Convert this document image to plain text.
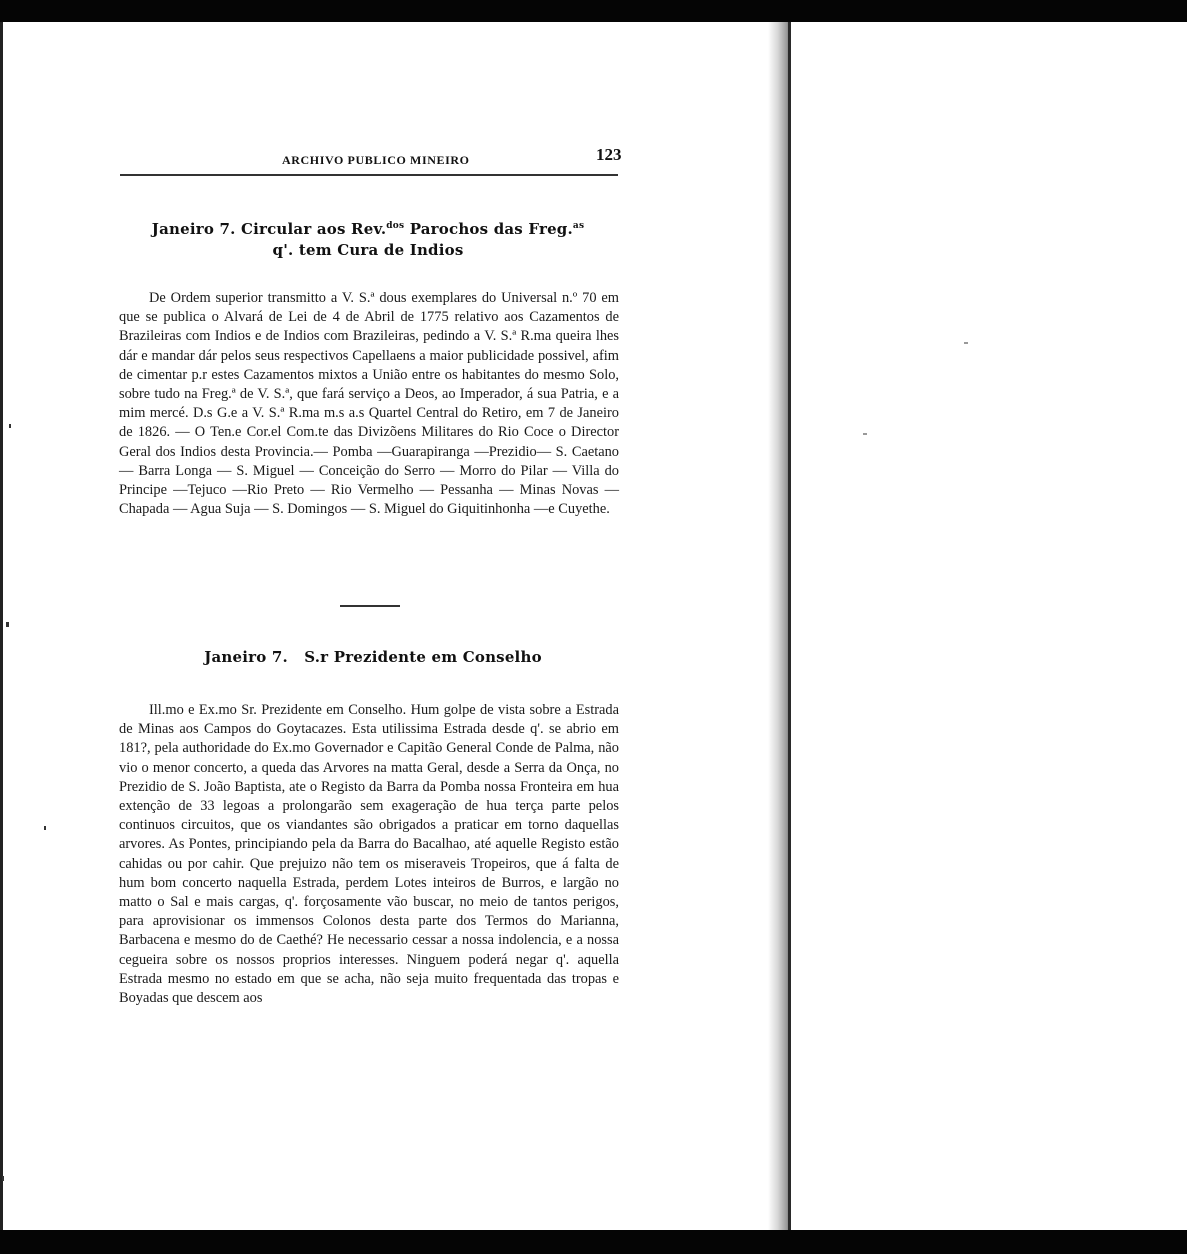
ARCHIVO PUBLICO MINEIRO	123
Janeiro 7. Circular aos Rev.$^{dos}$ Parochos das Freg.$^{as}$
q'. tem Cura de Indios

De Ordem superior transmitto a V. S.ª dous exemplares do Universal n.º 70 em que se publica o Alvará de Lei de 4 de Abril de 1775 relativo aos Cazamentos de Brazileiras com Indios e de Indios com Brazileiras, pedindo a V. S.ª R.ma queira lhes dár e mandar dár pelos seus respectivos Capellaens a maior publicidade possivel, afim de cimentar p.r estes Cazamentos mixtos a União entre os habitantes do mesmo Solo, sobre tudo na Freg.ª de V. S.ª, que fará serviço a Deos, ao Imperador, á sua Patria, e a mim mercé. D.s G.e a V. S.ª R.ma m.s a.s Quartel Central do Retiro, em 7 de Janeiro de 1826. — O Ten.e Cor.el Com.te das Divizõens Militares do Rio Coce o Director Geral dos Indios desta Provincia.— Pomba —Guarapiranga —Prezidio— S. Caetano — Barra Longa — S. Miguel — Conceição do Serro — Morro do Pilar — Villa do Principe —Tejuco —Rio Preto — Rio Vermelho — Pessanha — Minas Novas — Chapada — Agua Suja — S. Domingos — S. Miguel do Giquitinhonha —e Cuyethe.

Janeiro 7. S.r Prezidente em Conselho

Ill.mo e Ex.mo Sr. Prezidente em Conselho. Hum golpe de vista sobre a Estrada de Minas aos Campos do Goytacazes. Esta utilissima Estrada desde q'. se abrio em 181?, pela authoridade do Ex.mo Governador e Capitão General Conde de Palma, não vio o menor concerto, a queda das Arvores na matta Geral, desde a Serra da Onça, no Prezidio de S. João Baptista, ate o Registo da Barra da Pomba nossa Fronteira em hua extenção de 33 legoas a prolongarão sem exageração de hua terça parte pelos continuos circuitos, que os viandantes são obrigados a praticar em torno daquellas arvores. As Pontes, principiando pela da Barra do Bacalhao, até aquelle Registo estão cahidas ou por cahir. Que prejuizo não tem os miseraveis Tropeiros, que á falta de hum bom concerto naquella Estrada, perdem Lotes inteiros de Burros, e largão no matto o Sal e mais cargas, q'. forçosamente vão buscar, no meio de tantos perigos, para aprovisionar os immensos Colonos desta parte dos Termos do Marianna, Barbacena e mesmo do de Caethé? He necessario cessar a nossa indolencia, e a nossa cegueira sobre os nossos proprios interesses. Ninguem poderá negar q'. aquella Estrada mesmo no estado em que se acha, não seja muito frequentada das tropas e Boyadas que descem aos
